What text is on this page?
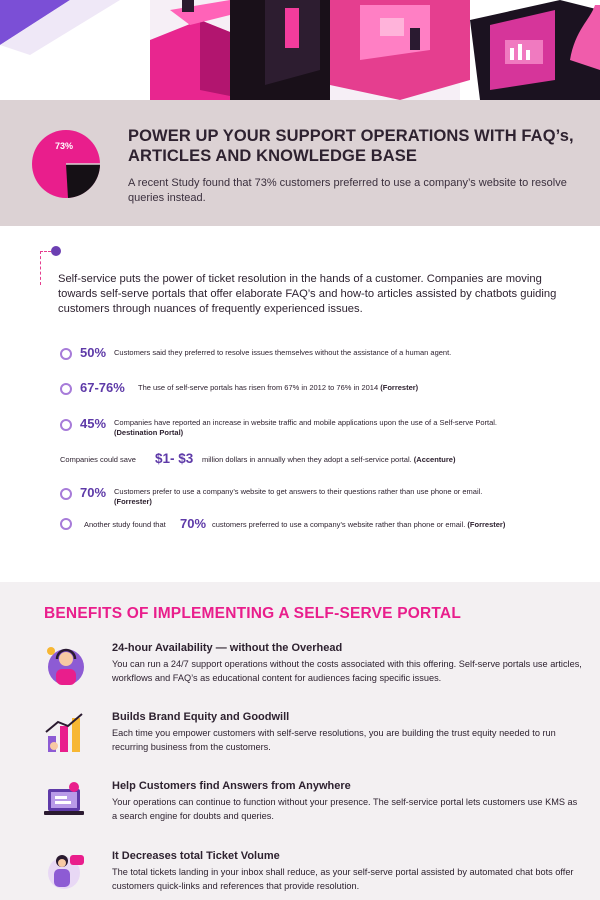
73%
POWER UP YOUR SUPPORT OPERATIONS WITH FAQ’s,
ARTICLES AND KNOWLEDGE BASE
A recent Study found that 73% customers preferred to use a company’s website to resolve queries instead.
Self-service puts the power of ticket resolution in the hands of a customer. Companies are moving towards self-serve portals that offer elaborate FAQ’s and how-to articles assisted by chatbots guiding customers through nuances of frequently experienced issues.
50% Customers said they preferred to resolve issues themselves without the assistance of a human agent.
67-76% The use of self-serve portals has risen from 67% in 2012 to 76% in 2014 (Forrester)
45% Companies have reported an increase in website traffic and mobile applications upon the use of a Self-serve Portal.
(Destination Portal)
Companies could save	$1- $3 million dollars in annually when they adopt a self-service portal. (Accenture)
70% Customers prefer to use a company’s website to get answers to their questions rather than use phone or email.
(Forrester)
Another study found that	70% customers preferred to use a company’s website rather than phone or email. (Forrester)
BENEFITS OF IMPLEMENTING A SELF-SERVE PORTAL
24-hour Availability — without the Overhead
You can run a 24/7 support operations without the costs associated with this offering. Self-serve portals use articles, workflows and FAQ’s as educational content for audiences facing specific issues.
Builds Brand Equity and Goodwill
Each time you empower customers with self-serve resolutions, you are building the trust equity needed to run recurring business from the customers.
Help Customers find Answers from Anywhere
Your operations can continue to function without your presence. The self-service portal lets customers use KMS as a search engine for doubts and queries.
It Decreases total Ticket Volume
The total tickets landing in your inbox shall reduce, as your self-serve portal assisted by automated chat bots offer customers quick-links and references that provide resolution.
